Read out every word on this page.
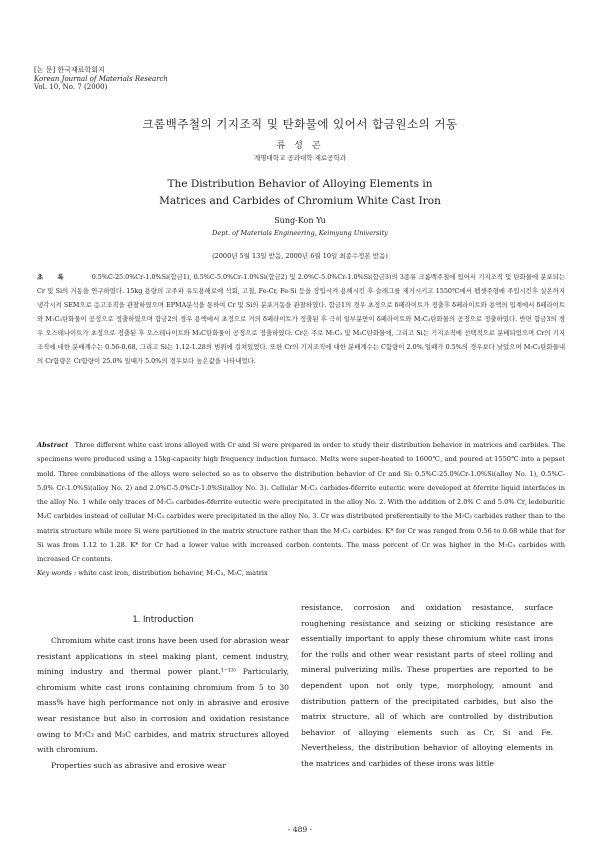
[논 문] 한국재료학회지
Korean Journal of Materials Research
Vol. 10, No. 7 (2000)
크롬백주철의 기지조직 및 탄화물에 있어서 합금원소의 거동
류 성 곤
계명대학교 공과대학 재료공학과
The Distribution Behavior of Alloying Elements in
Matrices and Carbides of Chromium White Cast Iron
Sung-Kon Yu
Dept. of Materials Engineering, Keimyung University
(2000년 5월 13일 받음, 2000년 6월 10일 최종수정본 받음)
초 록	0.5%C-25.0%Cr-1.0%Si(합금1), 0.5%C-5.0%Cr-1.0%Si(합금2) 및 2.0%C-5.0%Cr-1.0%Si(합금3)의 3종류 크롬백주철에 있어서 기지조직 및 탄화물에 분포되는 Cr 및 Si의 거동을 연구하였다. 15kg 용량의 고주파 유도용해로에 석회, 고철, Fe-Cr, Fe-Si 등을 장입시켜 용해시킨 후 슬래그를 제거시키고 1550℃에서 펩셋주형에 주입시킨후 실온까지 냉각시켜 SEM으로 응고조직을 관찰하였으며 EPMA분석을 통하여 Cr 및 Si의 분포거동을 관찰하였다. 합금1의 경우 초정으로 δ페라이트가 정출후 δ페라이트와 용액의 입계에서 δ페라이트와 M₇C₃탄화물이 공정으로 정출하였으며 합금2의 경우 용액에서 초정으로 거의 δ페라이트가 정출된 후 극히 일부분만이 δ페라이트와 M₇C₃탄화물의 공정으로 정출하였다. 반면 합금3의 경우 오스테나이트가 초정으로 정출된 후 오스테나이트와 M₃C탄화물이 공정으로 정출하였다. Cr은 주로 M₇C₃ 및 M₃C탄화물에, 그리고 Si는 기지조직에 선택적으로 분배되었으며 Cr의 기지조직에 대한 분배계수는 0.56-0.68, 그리고 Si는 1.12-1.28의 범위에 걸쳐있었다. 또한 Cr의 기지조직에 대한 분배계수는 C함량이 2.0% 일때가 0.5%의 경우보다 낮았으며 M₇C₃탄화물내의 Cr함량은 Cr함량이 25.0% 일때가 5.0%의 경우보다 높은값을 나타내었다.
Abstract Three different white cast irons alloyed with Cr and Si were prepared in order to study their distribution behavior in matrices and carbides. The specimens were produced using a 15kg-capacity high frequency induction furnace. Melts were super-heated to 1600℃, and poured at 1550℃ into a pepset mold. Three combinations of the alloys were selected so as to observe the distribution behavior of Cr and Si: 0.5%C-25.0%Cr-1.0%Si(alloy No. 1), 0.5%C-5.0% Cr-1.0%Si(alloy No. 2) and 2.0%C-5.0%Cr-1.0%Si(alloy No. 3). Cellular M₇C₃ carbides-δferrite eutectic were developed at δferrite liquid interfaces in the alloy No. 1 while only traces of M₇C₃ carbides-δferrite eutectic were precipitated in the alloy No. 2. With the addition of 2.0% C and 5.0% Cr, ledeburitic M₃C carbides instead of cellular M₇C₃ carbides were precipitated in the alloy No. 3. Cr was distributed preferentially to the M₇C₃ carbides rather than to the matrix structure while more Si were partitioned in the matrix structure rather than the M₇C₃ carbides. K* for Cr was ranged from 0.56 to 0.68 while that for Si was from 1.12 to 1.28. K* for Cr had a lower value with increased carbon contents. The mass percent of Cr was higher in the M₇C₃ carbides with increased Cr contents.
Key words : white cast iron, distribution behavior, M₇C₃, M₃C, matrix
1. Introduction

Chromium white cast irons have been used for abrasion wear resistant applications in steel making plant, cement industry, mining industry and thermal power plant.¹⁻¹³⁾ Particularly, chromium white cast irons containing chromium from 5 to 30 mass% have high performance not only in abrasive and erosive wear resistance but also in corrosion and oxidation resistance owing to M₇C₃ and M₃C carbides, and matrix structures alloyed with chromium.

Properties such as abrasive and erosive wear

resistance, corrosion and oxidation resistance, surface roughening resistance and seizing or sticking resistance are essentially important to apply these chromium white cast irons for the rolls and other wear resistant parts of steel rolling and mineral pulverizing mills. These properties are reported to be dependent upon not only type, morphology, amount and distribution pattern of the precipitated carbides, but also the matrix structure, all of which are controlled by distribution behavior of alloying elements such as Cr, Si and Fe. Nevertheless, the distribution behavior of alloying elements in the matrices and carbides of these irons was little

- 489 -
